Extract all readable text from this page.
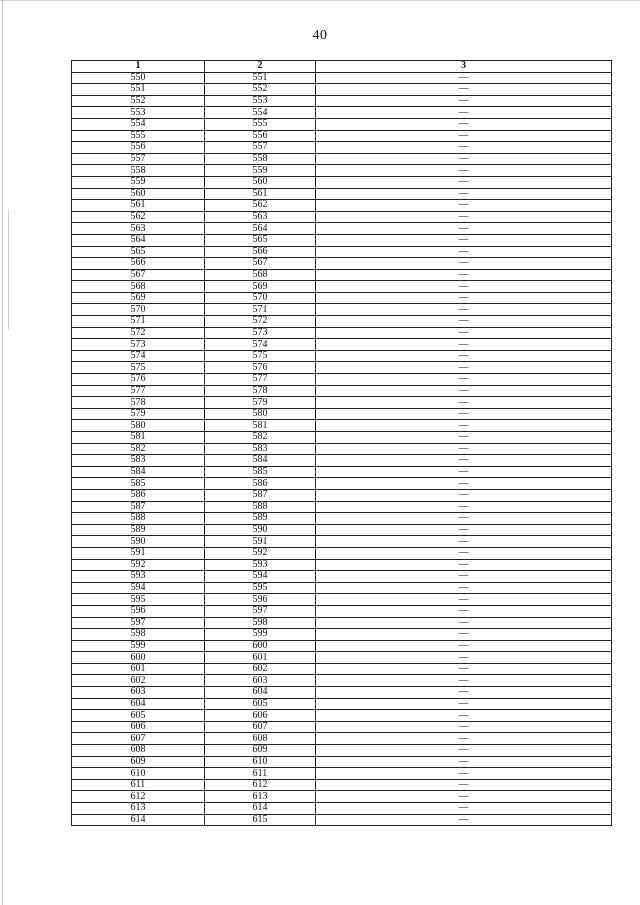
40
1	2	3
550	551	—
551	552	—
552	553	—
553	554	—
554	555	—
555	556	—
556	557	—
557	558	—
558	559	—
559	560	—
560	561	—
561	562	—
562	563	—
563	564	—
564	565	—
565	566	—
566	567	—
567	568	—
568	569	—
569	570	—
570	571	—
571	572	—
572	573	—
573	574	—
574	575	—
575	576	—
576	577	—
577	578	—
578	579	—
579	580	—
580	581	—
581	582	—
582	583	—
583	584	—
584	585	—
585	586	—
586	587	—
587	588	—
588	589	—
589	590	—
590	591	—
591	592	—
592	593	—
593	594	—
594	595	—
595	596	—
596	597	—
597	598	—
598	599	—
599	600	—
600	601	—
601	602	—
602	603	—
603	604	—
604	605	—
605	606	—
606	607	—
607	608	—
608	609	—
609	610	—
610	611	—
611	612	—
612	613	—
613	614	—
614	615	—
